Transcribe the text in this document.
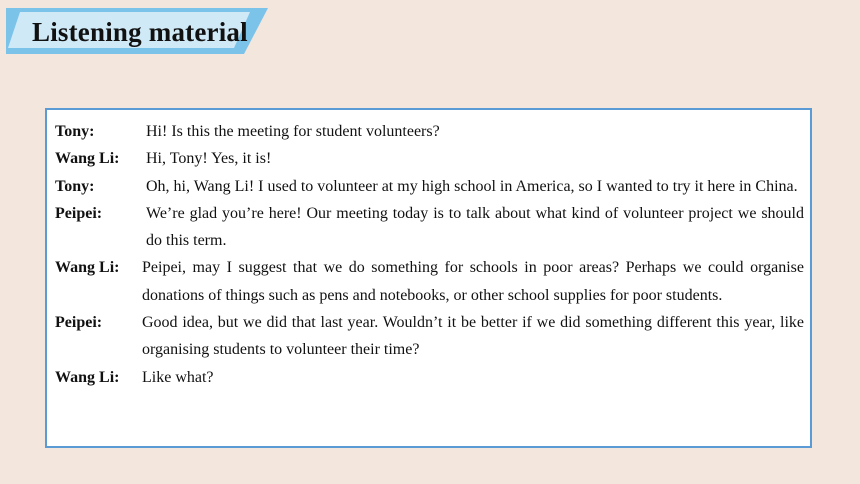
Listening material
Tony:	Hi! Is this the meeting for student volunteers?
Wang Li:	Hi, Tony! Yes, it is!
Tony:	Oh, hi, Wang Li! I used to volunteer at my high school in America, so I wanted to try it here in China.
Peipei:	We’re glad you’re here! Our meeting today is to talk about what kind of volunteer project we should do this term.
Wang Li:	Peipei, may I suggest that we do something for schools in poor areas? Perhaps we could organise donations of things such as pens and notebooks, or other school supplies for poor students.
Peipei:	Good idea, but we did that last year. Wouldn’t it be better if we did something different this year, like organising students to volunteer their time?
Wang Li:	Like what?
